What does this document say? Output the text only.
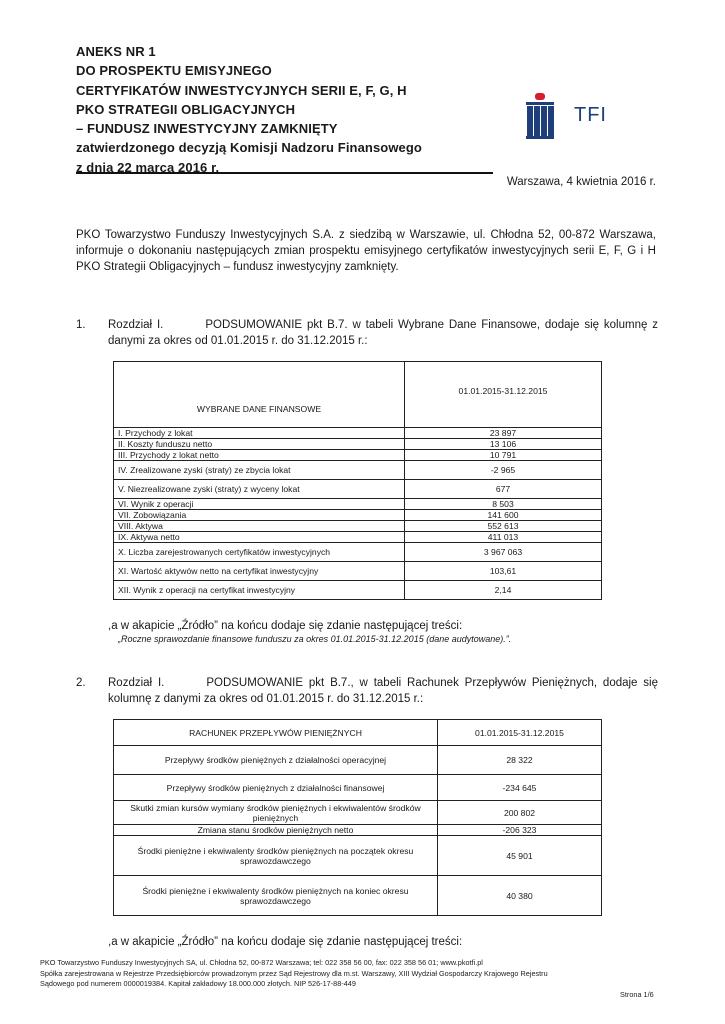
ANEKS NR 1
DO PROSPEKTU EMISYJNEGO
CERTYFIKATÓW INWESTYCYJNYCH SERII E, F, G, H
PKO STRATEGII OBLIGACYJNYCH
– FUNDUSZ INWESTYCYJNY ZAMKNIĘTY
zatwierdzonego decyzją Komisji Nadzoru Finansowego
z dnia 22 marca 2016 r.
TFI
Warszawa, 4 kwietnia 2016 r.
PKO Towarzystwo Funduszy Inwestycyjnych S.A. z siedzibą w Warszawie, ul. Chłodna 52, 00-872 Warszawa, informuje o dokonaniu następujących zmian prospektu emisyjnego certyfikatów inwestycyjnych serii E, F, G i H PKO Strategii Obligacyjnych – fundusz inwestycyjny zamknięty.
1. Rozdział I.	PODSUMOWANIE pkt B.7. w tabeli Wybrane Dane Finansowe, dodaje się kolumnę z danymi za okres od 01.01.2015 r. do 31.12.2015 r.:
WYBRANE DANE FINANSOWE	01.01.2015-31.12.2015
I. Przychody z lokat	23 897
II. Koszty funduszu netto	13 106
III. Przychody z lokat netto	10 791
IV. Zrealizowane zyski (straty) ze zbycia lokat	-2 965
V. Niezrealizowane zyski (straty) z wyceny lokat	677
VI. Wynik z operacji	8 503
VII. Zobowiązania	141 600
VIII. Aktywa	552 613
IX. Aktywa netto	411 013
X. Liczba zarejestrowanych certyfikatów inwestycyjnych	3 967 063
XI. Wartość aktywów netto na certyfikat inwestycyjny	103,61
XII. Wynik z operacji na certyfikat inwestycyjny	2,14
,a w akapicie „Źródło” na końcu dodaje się zdanie następującej treści:
„Roczne sprawozdanie finansowe funduszu za okres 01.01.2015-31.12.2015 (dane audytowane).”.
2. Rozdział I.	PODSUMOWANIE pkt B.7., w tabeli Rachunek Przepływów Pieniężnych, dodaje się kolumnę z danymi za okres od 01.01.2015 r. do 31.12.2015 r.:
RACHUNEK PRZEPŁYWÓW PIENIĘŻNYCH	01.01.2015-31.12.2015
Przepływy środków pieniężnych z działalności operacyjnej	28 322
Przepływy środków pieniężnych z działalności finansowej	-234 645
Skutki zmian kursów wymiany środków pieniężnych i ekwiwalentów środków pieniężnych	200 802
Zmiana stanu środków pieniężnych netto	-206 323
Środki pieniężne i ekwiwalenty środków pieniężnych na początek okresu sprawozdawczego	45 901
Środki pieniężne i ekwiwalenty środków pieniężnych na koniec okresu sprawozdawczego	40 380
,a w akapicie „Źródło” na końcu dodaje się zdanie następującej treści:
PKO Towarzystwo Funduszy Inwestycyjnych SA, ul. Chłodna 52, 00-872 Warszawa; tel: 022 358 56 00, fax: 022 358 56 01; www.pkotfi.pl
Spółka zarejestrowana w Rejestrze Przedsiębiorców prowadzonym przez Sąd Rejestrowy dla m.st. Warszawy, XIII Wydział Gospodarczy Krajowego Rejestru
Sądowego pod numerem 0000019384. Kapitał zakładowy 18.000.000 złotych. NIP 526-17-88-449
Strona 1/6
